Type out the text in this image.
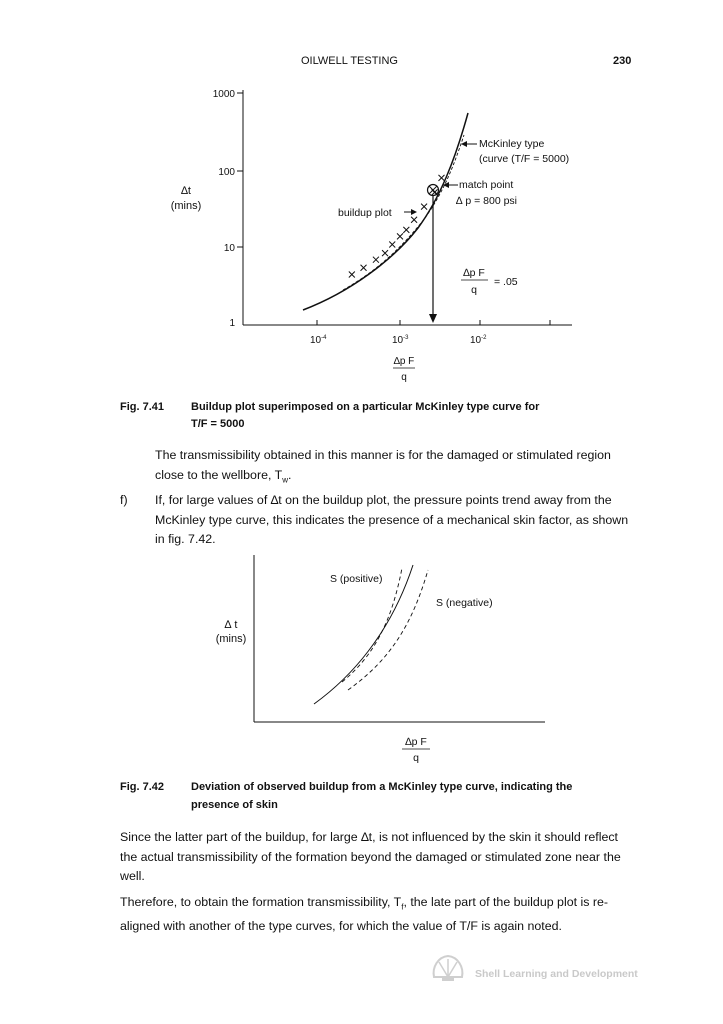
OILWELL TESTING	230
1000
100
10
1
$10^{-4}$	$10^{-3}$	$10^{-2}$
∆t
(mins)
∆p F
q
McKinley type
(curve (T/F = 5000)
match point
∆ p = 800 psi
buildup plot
∆p F
q
= .05
Fig. 7.41 Buildup plot superimposed on a particular McKinley type curve for
T/F = 5000
The transmissibility obtained in this manner is for the damaged or stimulated region close to the wellbore, $T_w$.
f) If, for large values of ∆t on the buildup plot, the pressure points trend away from the McKinley type curve, this indicates the presence of a mechanical skin factor, as shown in fig. 7.42.
S (positive)
S (negative)
∆ t
(mins)
∆p F
q
Fig. 7.42 Deviation of observed buildup from a McKinley type curve, indicating the
presence of skin
Since the latter part of the buildup, for large ∆t, is not influenced by the skin it should reflect the actual transmissibility of the formation beyond the damaged or stimulated zone near the well.
Therefore, to obtain the formation transmissibility, $T_f$, the late part of the buildup plot is re-aligned with another of the type curves, for which the value of T/F is again noted.
Shell Learning and Development
